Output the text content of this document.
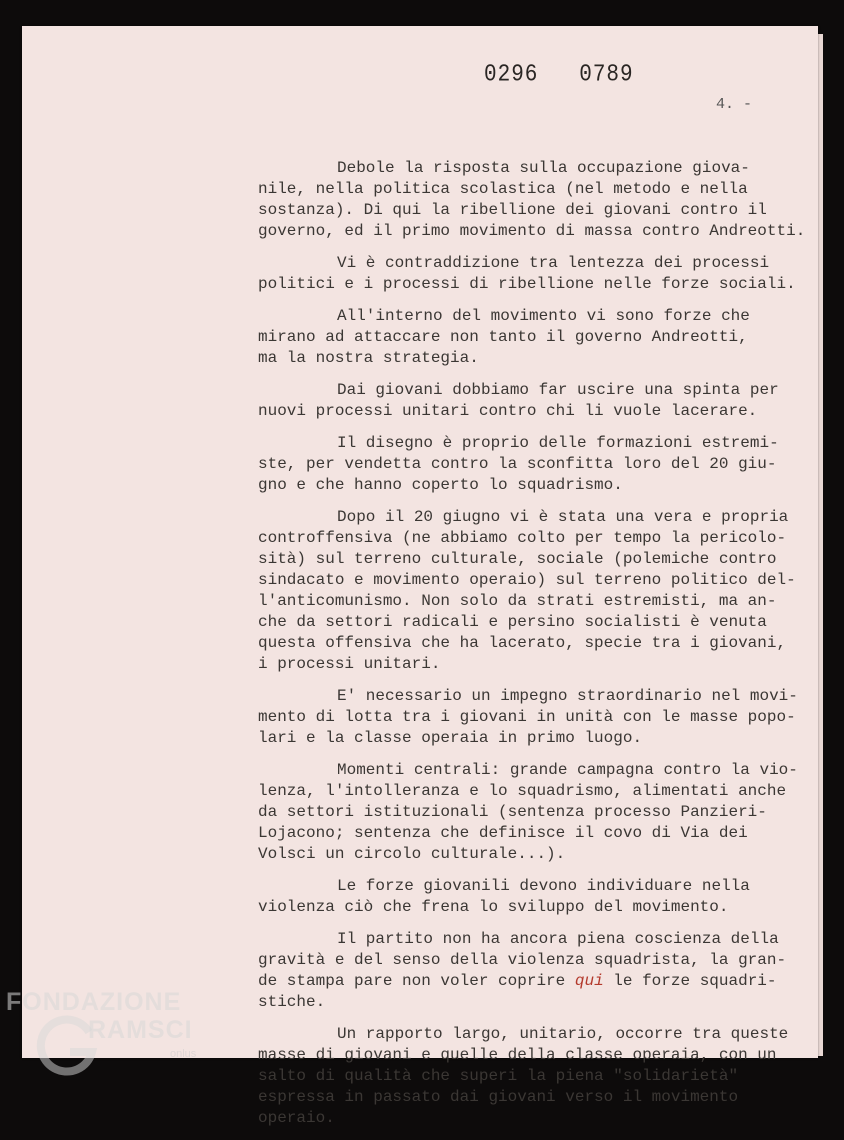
0296   0789
4. -

Debole la risposta sulla occupazione giova-
nile, nella politica scolastica (nel metodo e nella
sostanza). Di qui la ribellione dei giovani contro il
governo, ed il primo movimento di massa contro Andreotti.

Vi è contraddizione tra lentezza dei processi
politici e i processi di ribellione nelle forze sociali.

All'interno del movimento vi sono forze che
mirano ad attaccare non tanto il governo Andreotti,
ma la nostra strategia.

Dai giovani dobbiamo far uscire una spinta per
nuovi processi unitari contro chi li vuole lacerare.

Il disegno è proprio delle formazioni estremi-
ste, per vendetta contro la sconfitta loro del 20 giu-
gno e che hanno coperto lo squadrismo.

Dopo il 20 giugno vi è stata una vera e propria
controffensiva (ne abbiamo colto per tempo la pericolo-
sità) sul terreno culturale, sociale (polemiche contro
sindacato e movimento operaio) sul terreno politico del-
l'anticomunismo. Non solo da strati estremisti, ma an-
che da settori radicali e persino socialisti è venuta
questa offensiva che ha lacerato, specie tra i giovani,
i processi unitari.

E' necessario un impegno straordinario nel movi-
mento di lotta tra i giovani in unità con le masse popo-
lari e la classe operaia in primo luogo.

Momenti centrali: grande campagna contro la vio-
lenza, l'intolleranza e lo squadrismo, alimentati anche
da settori istituzionali (sentenza processo Panzieri-
Lojacono; sentenza che definisce il covo di Via dei
Volsci un circolo culturale...).

Le forze giovanili devono individuare nella
violenza ciò che frena lo sviluppo del movimento.

Il partito non ha ancora piena coscienza della
gravità e del senso della violenza squadrista, la gran-
de stampa pare non voler coprire qui le forze squadri-
stiche.

Un rapporto largo, unitario, occorre tra queste
masse di giovani e quelle della classe operaia, con un
salto di qualità che superi la piena "solidarietà"
espressa in passato dai giovani verso il movimento
operaio.

FONDAZIONE
RAMSCI
onlus
